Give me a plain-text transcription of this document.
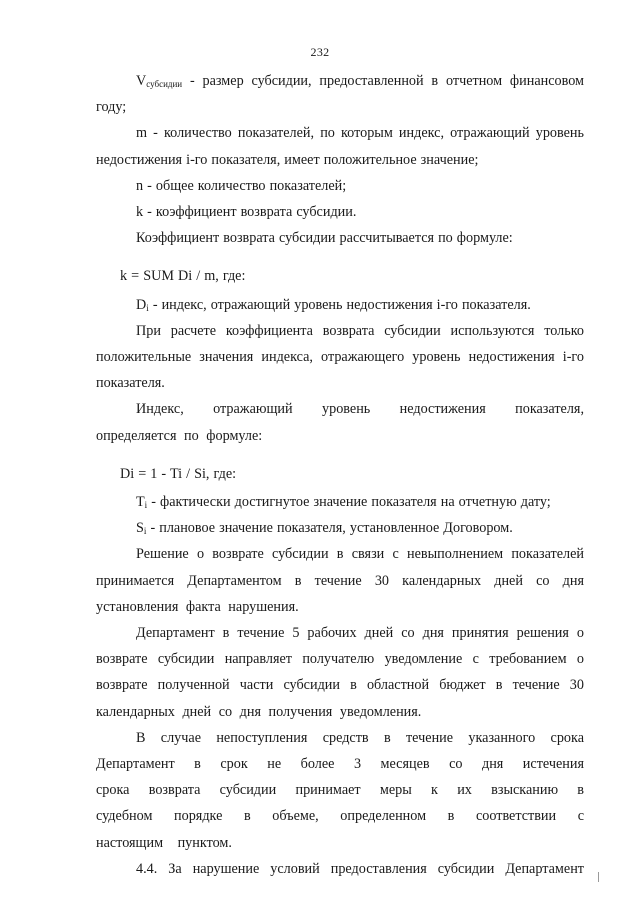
232

$V_{субсидии}$ - размер субсидии, предоставленной в отчетном финансовом году;

m - количество показателей, по которым индекс, отражающий уровень недостижения i-го показателя, имеет положительное значение;

n - общее количество показателей;

k - коэффициент возврата субсидии.

Коэффициент возврата субсидии рассчитывается по формуле:

k = SUM Di / m, где:

$D_i$ - индекс, отражающий уровень недостижения i-го показателя.

При расчете коэффициента возврата субсидии используются только положительные значения индекса, отражающего уровень недостижения i-го показателя.

Индекс, отражающий уровень недостижения показателя, определяется по формуле:

Di = 1 - Ti / Si, где:

$T_i$ - фактически достигнутое значение показателя на отчетную дату;

$S_i$ - плановое значение показателя, установленное Договором.

Решение о возврате субсидии в связи с невыполнением показателей принимается Департаментом в течение 30 календарных дней со дня установления факта нарушения.

Департамент в течение 5 рабочих дней со дня принятия решения о возврате субсидии направляет получателю уведомление с требованием о возврате полученной части субсидии в областной бюджет в течение 30 календарных дней со дня получения уведомления.

В случае непоступления средств в течение указанного срока Департамент в срок не более 3 месяцев со дня истечения срока возврата субсидии принимает меры к их взысканию в судебном порядке в объеме, определенном в соответствии с настоящим пунктом.

4.4. За нарушение условий предоставления субсидии Департамент
